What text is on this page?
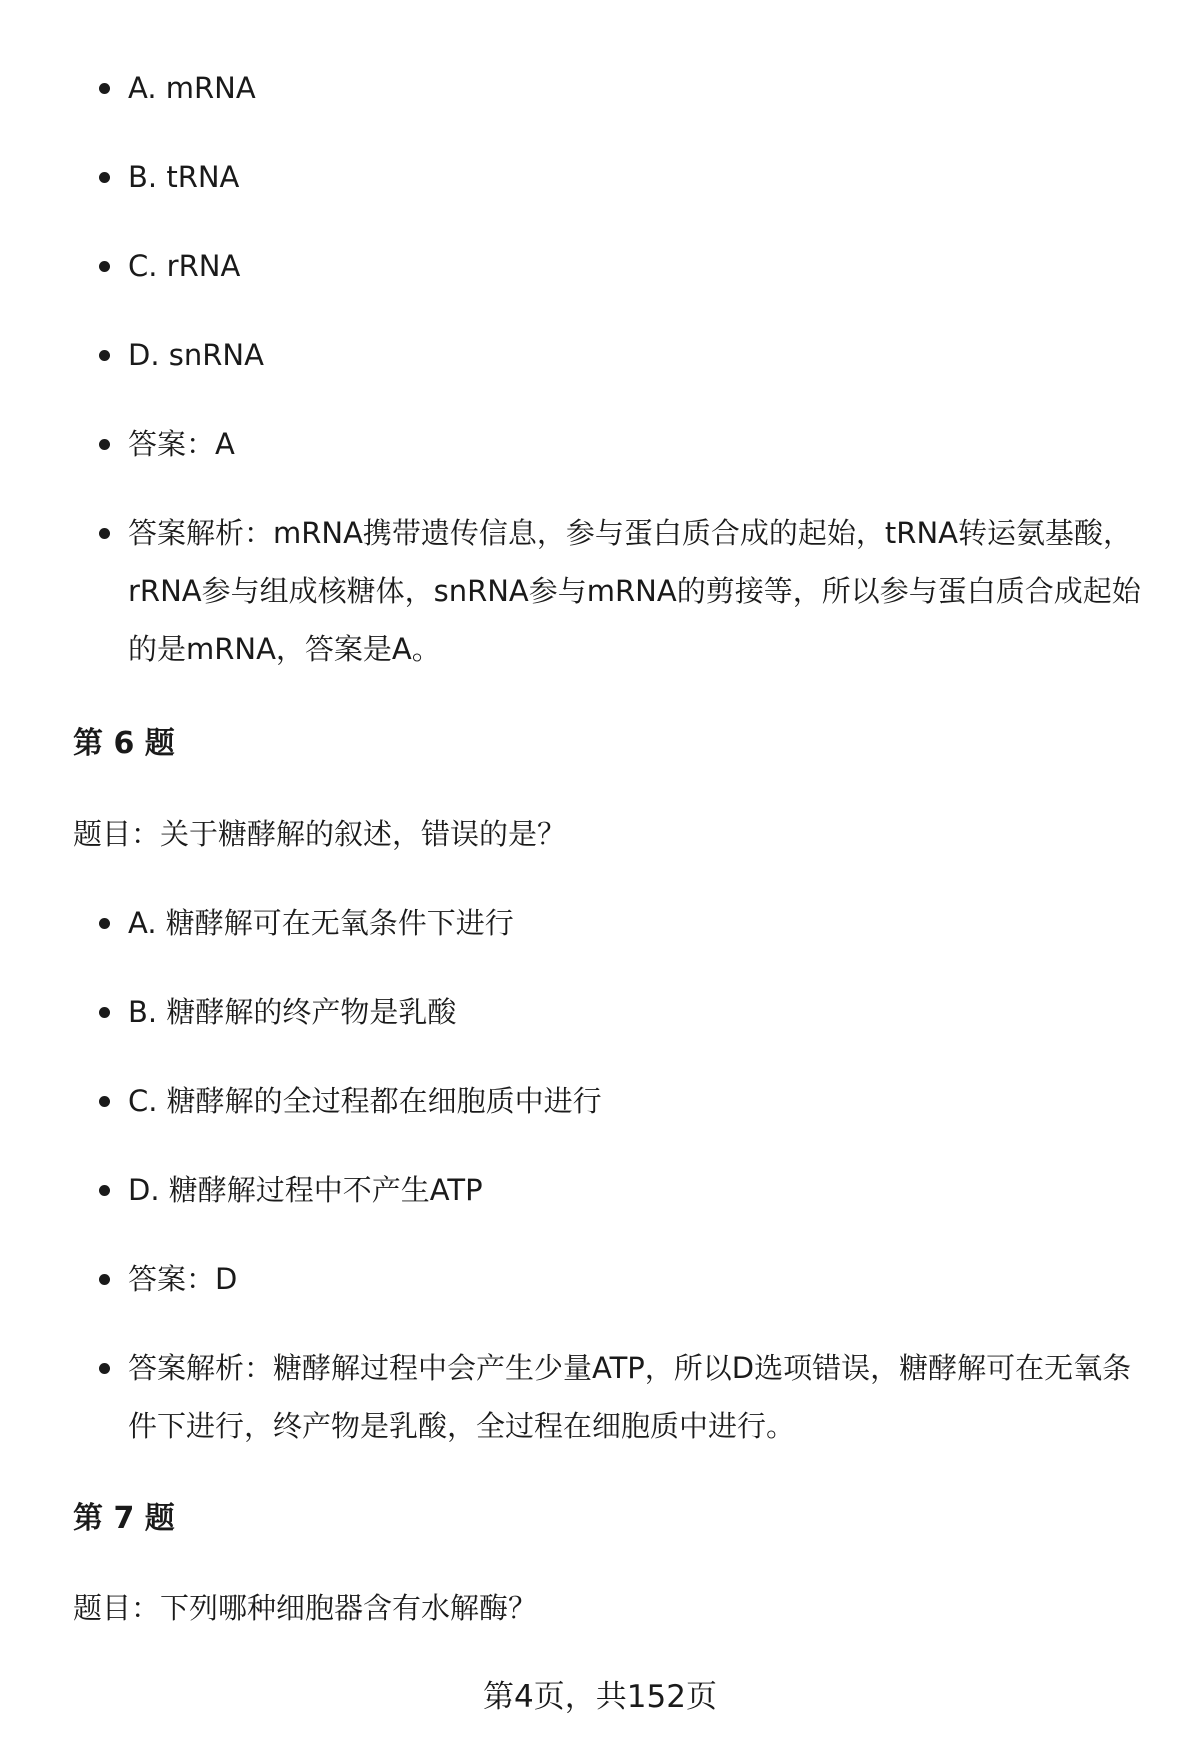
A. mRNA
B. tRNA
C. rRNA
D. snRNA
答案：A
答案解析：mRNA携带遗传信息，参与蛋白质合成的起始，tRNA转运氨基酸，rRNA参与组成核糖体，snRNA参与mRNA的剪接等，所以参与蛋白质合成起始的是mRNA，答案是A。

第 6 题

题目：关于糖酵解的叙述，错误的是？

A. 糖酵解可在无氧条件下进行
B. 糖酵解的终产物是乳酸
C. 糖酵解的全过程都在细胞质中进行
D. 糖酵解过程中不产生ATP
答案：D
答案解析：糖酵解过程中会产生少量ATP，所以D选项错误，糖酵解可在无氧条件下进行，终产物是乳酸，全过程在细胞质中进行。

第 7 题

题目：下列哪种细胞器含有水解酶？

第4页，共152页
